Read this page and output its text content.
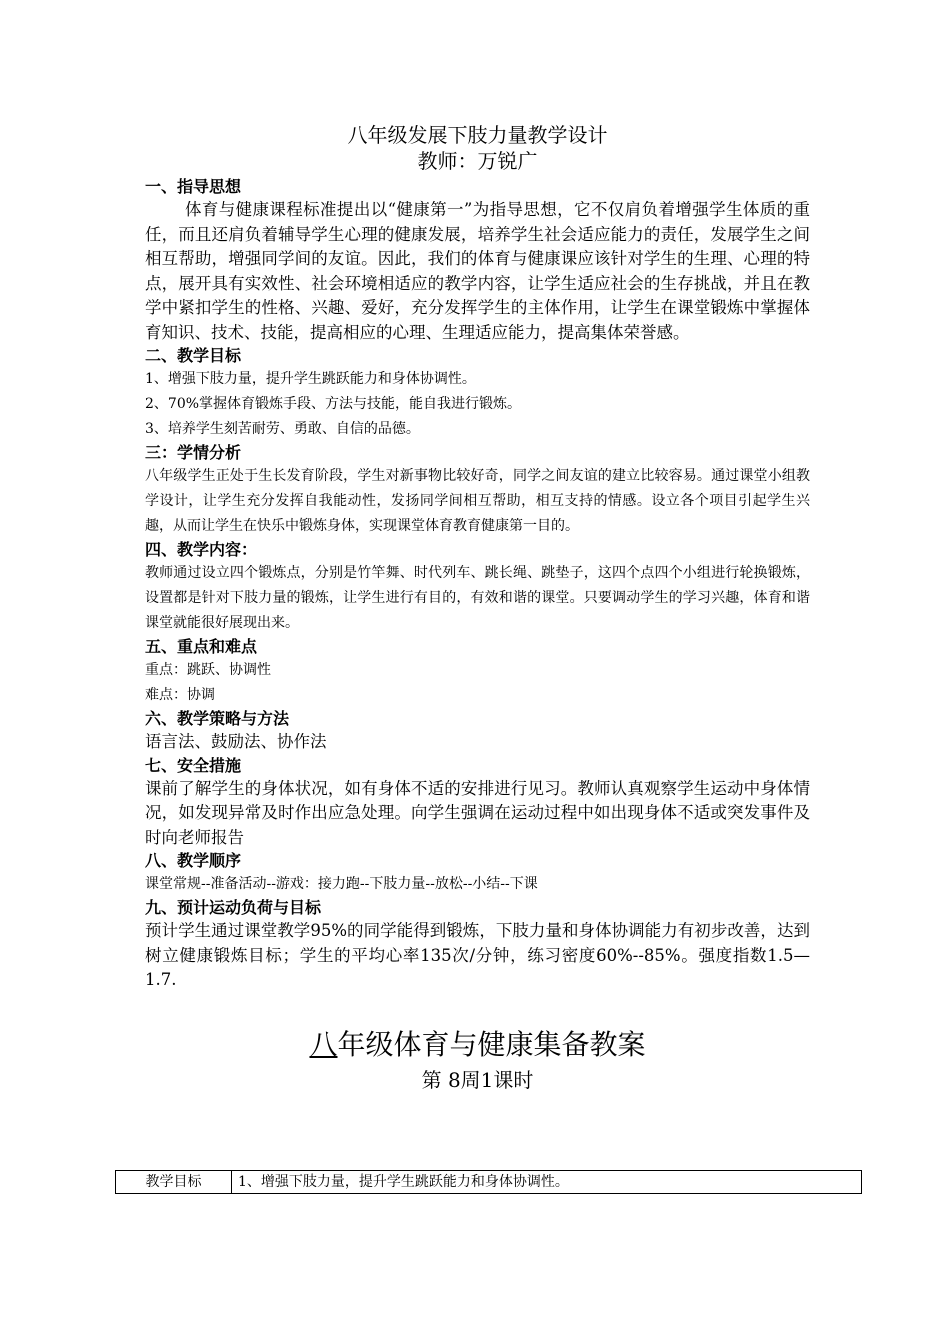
八年级发展下肢力量教学设计

教师：万锐广

一、指导思想

体育与健康课程标准提出以“健康第一”为指导思想，它不仅肩负着增强学生体质的重任，而且还肩负着辅导学生心理的健康发展，培养学生社会适应能力的责任，发展学生之间相互帮助，增强同学间的友谊。因此，我们的体育与健康课应该针对学生的生理、心理的特点，展开具有实效性、社会环境相适应的教学内容，让学生适应社会的生存挑战，并且在教学中紧扣学生的性格、兴趣、爱好，充分发挥学生的主体作用，让学生在课堂锻炼中掌握体育知识、技术、技能，提高相应的心理、生理适应能力，提高集体荣誉感。

二、教学目标

1、增强下肢力量，提升学生跳跃能力和身体协调性。

2、70%掌握体育锻炼手段、方法与技能，能自我进行锻炼。

3、培养学生刻苦耐劳、勇敢、自信的品德。

三：学情分析

八年级学生正处于生长发育阶段，学生对新事物比较好奇，同学之间友谊的建立比较容易。通过课堂小组教学设计，让学生充分发挥自我能动性，发扬同学间相互帮助，相互支持的情感。设立各个项目引起学生兴趣，从而让学生在快乐中锻炼身体，实现课堂体育教育健康第一目的。

四、教学内容：

教师通过设立四个锻炼点，分别是竹竿舞、时代列车、跳长绳、跳垫子，这四个点四个小组进行轮换锻炼，设置都是针对下肢力量的锻炼，让学生进行有目的，有效和谐的课堂。只要调动学生的学习兴趣，体育和谐课堂就能很好展现出来。

五、重点和难点

重点：跳跃、协调性

难点：协调

六、教学策略与方法

语言法、鼓励法、协作法

七、安全措施

课前了解学生的身体状况，如有身体不适的安排进行见习。教师认真观察学生运动中身体情况，如发现异常及时作出应急处理。向学生强调在运动过程中如出现身体不适或突发事件及时向老师报告

八、教学顺序

课堂常规--准备活动--游戏：接力跑--下肢力量--放松--小结--下课

九、预计运动负荷与目标

预计学生通过课堂教学95%的同学能得到锻炼，下肢力量和身体协调能力有初步改善，达到树立健康锻炼目标；学生的平均心率135次/分钟，练习密度60%--85%。强度指数1.5—1.7.

八年级体育与健康集备教案

第 8周1课时

教学目标	1、增强下肢力量，提升学生跳跃能力和身体协调性。
